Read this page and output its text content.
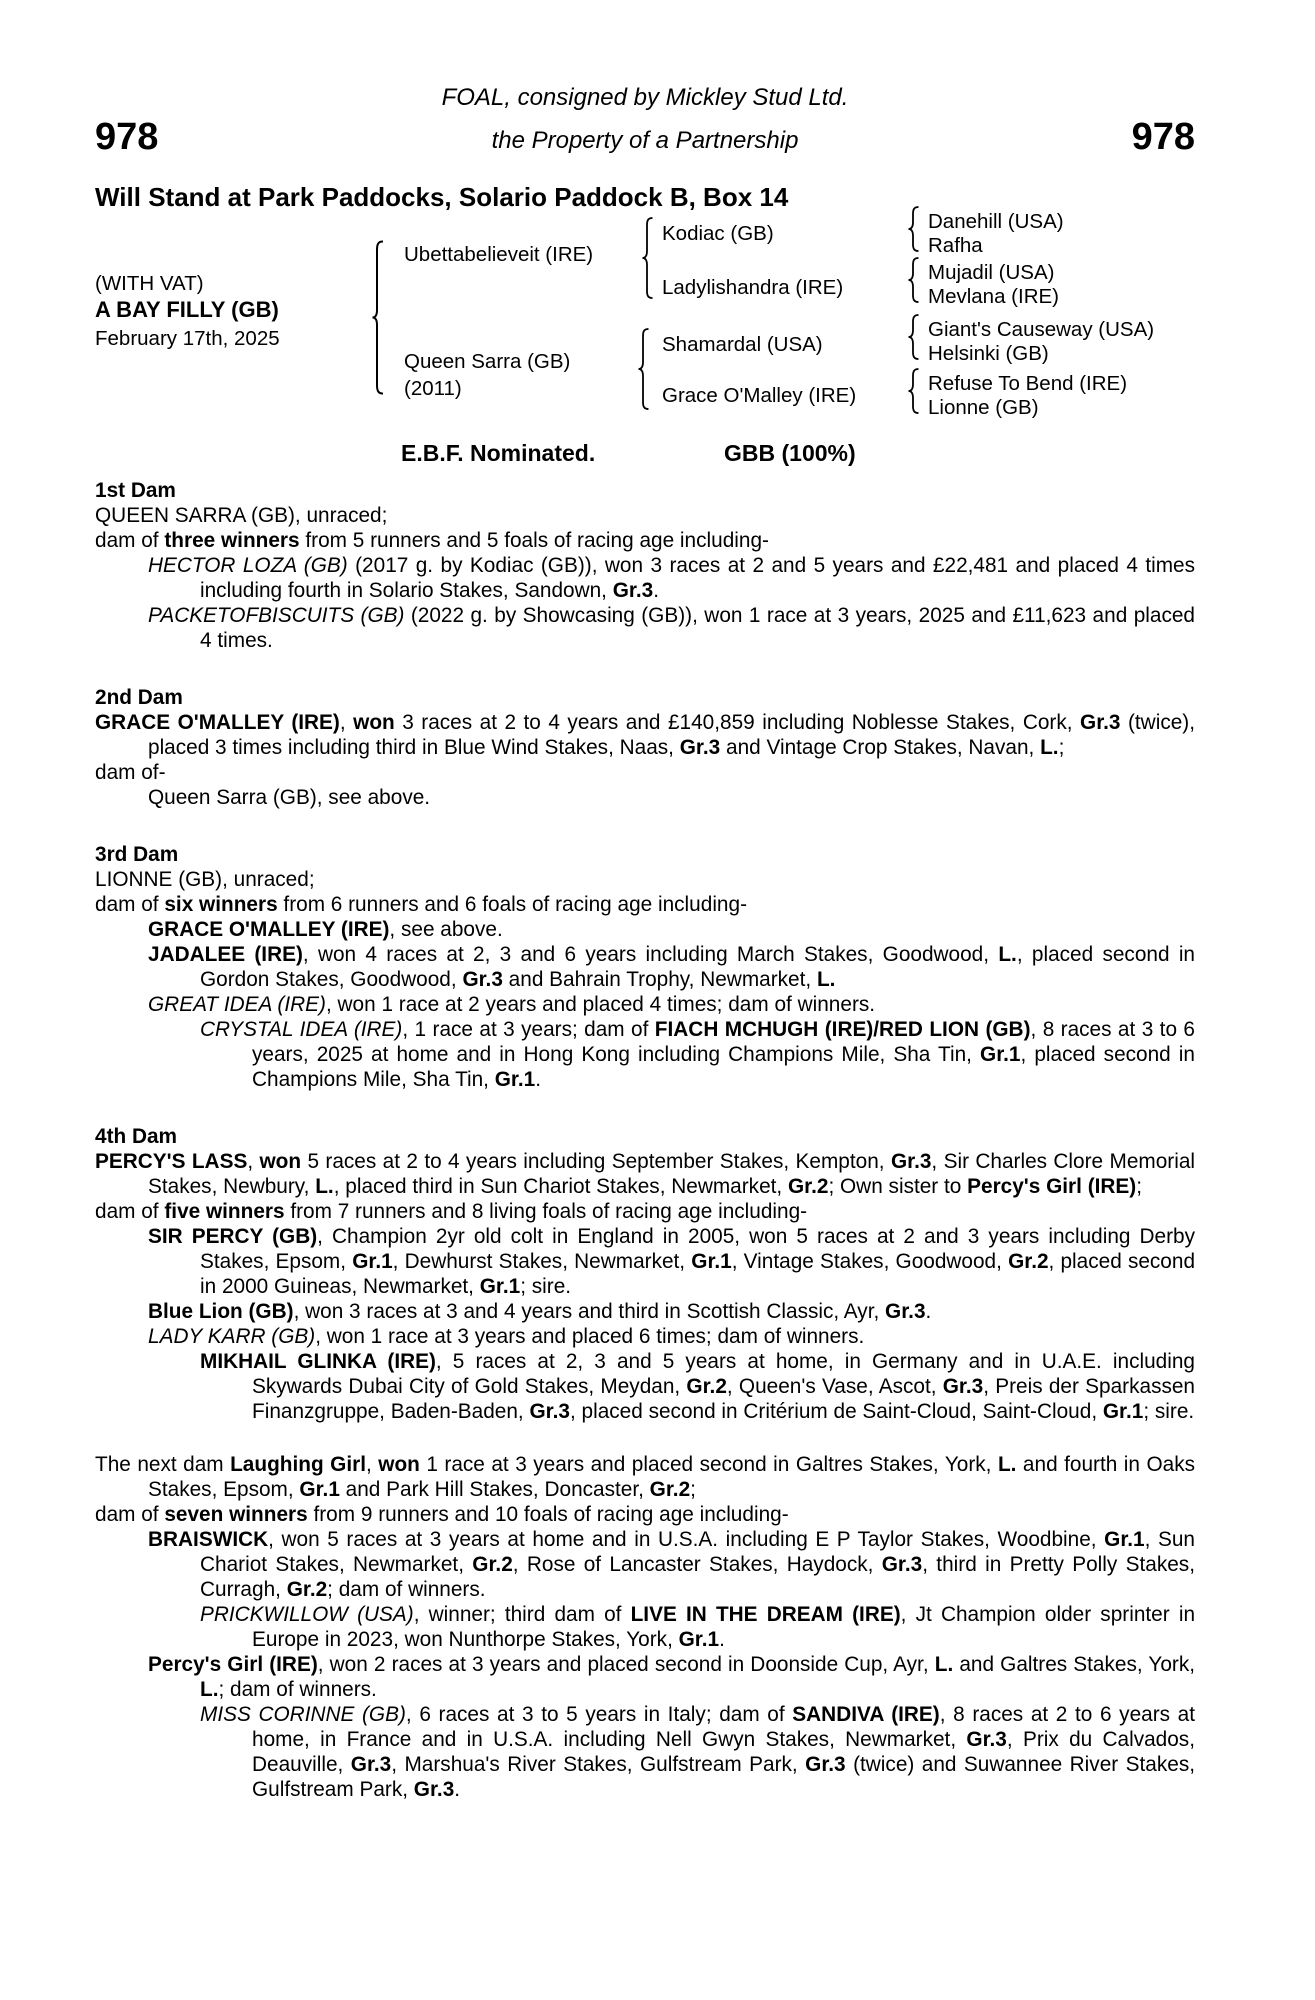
FOAL, consigned by Mickley Stud Ltd.
978	the Property of a Partnership	978
Will Stand at Park Paddocks, Solario Paddock B, Box 14
(WITH VAT)
A BAY FILLY (GB)
February 17th, 2025
Ubettabelieveit (IRE)
Queen Sarra (GB)
(2011)
Kodiac (GB)
Ladylishandra (IRE)
Shamardal (USA)
Grace O'Malley (IRE)
Danehill (USA)
Rafha
Mujadil (USA)
Mevlana (IRE)
Giant's Causeway (USA)
Helsinki (GB)
Refuse To Bend (IRE)
Lionne (GB)
E.B.F. Nominated.	GBB (100%)
1st Dam

QUEEN SARRA (GB), unraced;

dam of three winners from 5 runners and 5 foals of racing age including-

HECTOR LOZA (GB) (2017 g. by Kodiac (GB)), won 3 races at 2 and 5 years and £22,481 and placed 4 times including fourth in Solario Stakes, Sandown, Gr.3.

PACKETOFBISCUITS (GB) (2022 g. by Showcasing (GB)), won 1 race at 3 years, 2025 and £11,623 and placed 4 times.

2nd Dam

GRACE O'MALLEY (IRE), won 3 races at 2 to 4 years and £140,859 including Noblesse Stakes, Cork, Gr.3 (twice), placed 3 times including third in Blue Wind Stakes, Naas, Gr.3 and Vintage Crop Stakes, Navan, L.;

dam of-

Queen Sarra (GB), see above.

3rd Dam

LIONNE (GB), unraced;

dam of six winners from 6 runners and 6 foals of racing age including-

GRACE O'MALLEY (IRE), see above.

JADALEE (IRE), won 4 races at 2, 3 and 6 years including March Stakes, Goodwood, L., placed second in Gordon Stakes, Goodwood, Gr.3 and Bahrain Trophy, Newmarket, L.

GREAT IDEA (IRE), won 1 race at 2 years and placed 4 times; dam of winners.

CRYSTAL IDEA (IRE), 1 race at 3 years; dam of FIACH MCHUGH (IRE)/RED LION (GB), 8 races at 3 to 6 years, 2025 at home and in Hong Kong including Champions Mile, Sha Tin, Gr.1, placed second in Champions Mile, Sha Tin, Gr.1.

4th Dam

PERCY'S LASS, won 5 races at 2 to 4 years including September Stakes, Kempton, Gr.3, Sir Charles Clore Memorial Stakes, Newbury, L., placed third in Sun Chariot Stakes, Newmarket, Gr.2; Own sister to Percy's Girl (IRE);

dam of five winners from 7 runners and 8 living foals of racing age including-

SIR PERCY (GB), Champion 2yr old colt in England in 2005, won 5 races at 2 and 3 years including Derby Stakes, Epsom, Gr.1, Dewhurst Stakes, Newmarket, Gr.1, Vintage Stakes, Goodwood, Gr.2, placed second in 2000 Guineas, Newmarket, Gr.1; sire.

Blue Lion (GB), won 3 races at 3 and 4 years and third in Scottish Classic, Ayr, Gr.3.

LADY KARR (GB), won 1 race at 3 years and placed 6 times; dam of winners.

MIKHAIL GLINKA (IRE), 5 races at 2, 3 and 5 years at home, in Germany and in U.A.E. including Skywards Dubai City of Gold Stakes, Meydan, Gr.2, Queen's Vase, Ascot, Gr.3, Preis der Sparkassen Finanzgruppe, Baden-Baden, Gr.3, placed second in Critérium de Saint-Cloud, Saint-Cloud, Gr.1; sire.

The next dam Laughing Girl, won 1 race at 3 years and placed second in Galtres Stakes, York, L. and fourth in Oaks Stakes, Epsom, Gr.1 and Park Hill Stakes, Doncaster, Gr.2;

dam of seven winners from 9 runners and 10 foals of racing age including-

BRAISWICK, won 5 races at 3 years at home and in U.S.A. including E P Taylor Stakes, Woodbine, Gr.1, Sun Chariot Stakes, Newmarket, Gr.2, Rose of Lancaster Stakes, Haydock, Gr.3, third in Pretty Polly Stakes, Curragh, Gr.2; dam of winners.

PRICKWILLOW (USA), winner; third dam of LIVE IN THE DREAM (IRE), Jt Champion older sprinter in Europe in 2023, won Nunthorpe Stakes, York, Gr.1.

Percy's Girl (IRE), won 2 races at 3 years and placed second in Doonside Cup, Ayr, L. and Galtres Stakes, York, L.; dam of winners.

MISS CORINNE (GB), 6 races at 3 to 5 years in Italy; dam of SANDIVA (IRE), 8 races at 2 to 6 years at home, in France and in U.S.A. including Nell Gwyn Stakes, Newmarket, Gr.3, Prix du Calvados, Deauville, Gr.3, Marshua's River Stakes, Gulfstream Park, Gr.3 (twice) and Suwannee River Stakes, Gulfstream Park, Gr.3.
